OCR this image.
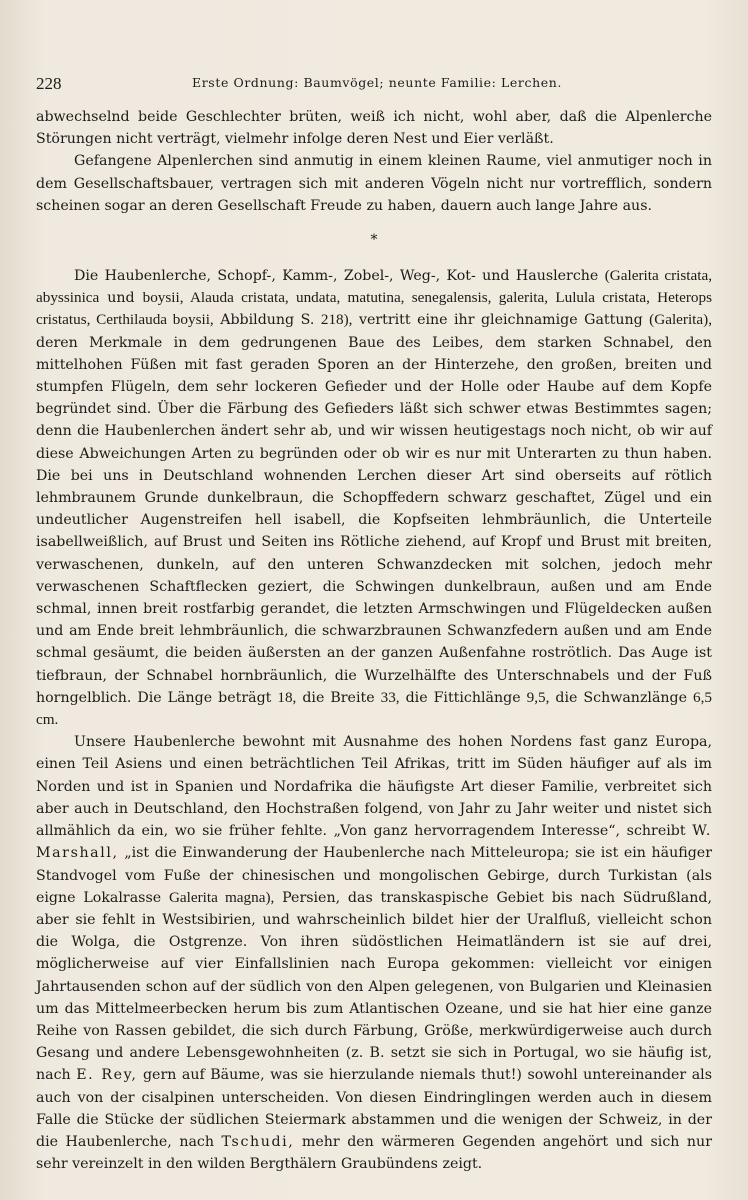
228	Erste Ordnung: Baumvögel; neunte Familie: Lerchen.

abwechselnd beide Geschlechter brüten, weiß ich nicht, wohl aber, daß die Alpenlerche Störungen nicht verträgt, vielmehr infolge deren Nest und Eier verläßt.

Gefangene Alpenlerchen sind anmutig in einem kleinen Raume, viel anmutiger noch in dem Gesellschaftsbauer, vertragen sich mit anderen Vögeln nicht nur vortrefflich, sondern scheinen sogar an deren Gesellschaft Freude zu haben, dauern auch lange Jahre aus.

*

Die Haubenlerche, Schopf-, Kamm-, Zobel-, Weg-, Kot- und Hauslerche (Galerita cristata, abyssinica und boysii, Alauda cristata, undata, matutina, senegalensis, galerita, Lulula cristata, Heterops cristatus, Certhilauda boysii, Abbildung S. 218), vertritt eine ihr gleichnamige Gattung (Galerita), deren Merkmale in dem gedrungenen Baue des Leibes, dem starken Schnabel, den mittelhohen Füßen mit fast geraden Sporen an der Hinterzehe, den großen, breiten und stumpfen Flügeln, dem sehr lockeren Gefieder und der Holle oder Haube auf dem Kopfe begründet sind. Über die Färbung des Gefieders läßt sich schwer etwas Bestimmtes sagen; denn die Haubenlerchen ändert sehr ab, und wir wissen heutigestags noch nicht, ob wir auf diese Abweichungen Arten zu begründen oder ob wir es nur mit Unterarten zu thun haben. Die bei uns in Deutschland wohnenden Lerchen dieser Art sind oberseits auf rötlich lehmbraunem Grunde dunkelbraun, die Schopffedern schwarz geschaftet, Zügel und ein undeutlicher Augenstreifen hell isabell, die Kopfseiten lehmbräunlich, die Unterteile isabellweißlich, auf Brust und Seiten ins Rötliche ziehend, auf Kropf und Brust mit breiten, verwaschenen, dunkeln, auf den unteren Schwanzdecken mit solchen, jedoch mehr verwaschenen Schaftflecken geziert, die Schwingen dunkelbraun, außen und am Ende schmal, innen breit rostfarbig gerandet, die letzten Armschwingen und Flügeldecken außen und am Ende breit lehmbräunlich, die schwarzbraunen Schwanzfedern außen und am Ende schmal gesäumt, die beiden äußersten an der ganzen Außenfahne roströtlich. Das Auge ist tiefbraun, der Schnabel hornbräunlich, die Wurzelhälfte des Unterschnabels und der Fuß horngelblich. Die Länge beträgt 18, die Breite 33, die Fittichlänge 9,5, die Schwanzlänge 6,5 cm.

Unsere Haubenlerche bewohnt mit Ausnahme des hohen Nordens fast ganz Europa, einen Teil Asiens und einen beträchtlichen Teil Afrikas, tritt im Süden häufiger auf als im Norden und ist in Spanien und Nordafrika die häufigste Art dieser Familie, verbreitet sich aber auch in Deutschland, den Hochstraßen folgend, von Jahr zu Jahr weiter und nistet sich allmählich da ein, wo sie früher fehlte. „Von ganz hervorragendem Interesse“, schreibt W. Marshall, „ist die Einwanderung der Haubenlerche nach Mitteleuropa; sie ist ein häufiger Standvogel vom Fuße der chinesischen und mongolischen Gebirge, durch Turkistan (als eigne Lokalrasse Galerita magna), Persien, das transkaspische Gebiet bis nach Südrußland, aber sie fehlt in Westsibirien, und wahrscheinlich bildet hier der Uralfluß, vielleicht schon die Wolga, die Ostgrenze. Von ihren südöstlichen Heimatländern ist sie auf drei, möglicherweise auf vier Einfallslinien nach Europa gekommen: vielleicht vor einigen Jahrtausenden schon auf der südlich von den Alpen gelegenen, von Bulgarien und Kleinasien um das Mittelmeerbecken herum bis zum Atlantischen Ozeane, und sie hat hier eine ganze Reihe von Rassen gebildet, die sich durch Färbung, Größe, merkwürdigerweise auch durch Gesang und andere Lebensgewohnheiten (z. B. setzt sie sich in Portugal, wo sie häufig ist, nach E. Rey, gern auf Bäume, was sie hierzulande niemals thut!) sowohl untereinander als auch von der cisalpinen unterscheiden. Von diesen Eindringlingen werden auch in diesem Falle die Stücke der südlichen Steiermark abstammen und die wenigen der Schweiz, in der die Haubenlerche, nach Tschudi, mehr den wärmeren Gegenden angehört und sich nur sehr vereinzelt in den wilden Bergthälern Graubündens zeigt.
